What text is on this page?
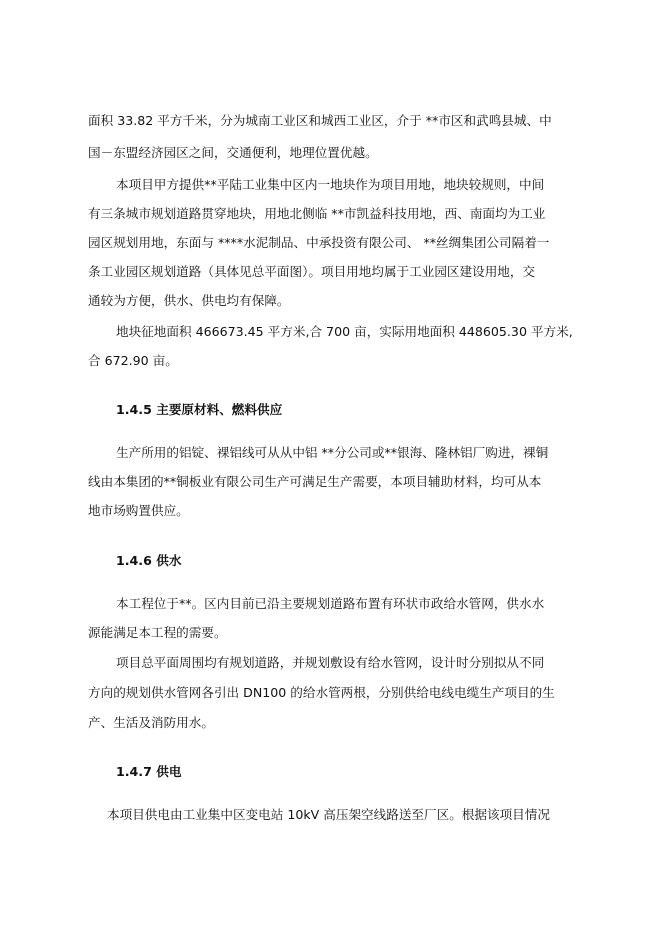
面积 33.82 平方千米，分为城南工业区和城西工业区，介于 **市区和武鸣县城、中
国－东盟经济园区之间，交通便利，地理位置优越。
本项目甲方提供**平陆工业集中区内一地块作为项目用地，地块较规则，中间
有三条城市规划道路贯穿地块，用地北侧临 **市凯益科技用地，西、南面均为工业
园区规划用地，东面与 ****水泥制品、中承投资有限公司、 **丝绸集团公司隔着一
条工业园区规划道路（具体见总平面图）。项目用地均属于工业园区建设用地，交
通较为方便，供水、供电均有保障。
地块征地面积 466673.45 平方米,合 700 亩，实际用地面积 448605.30 平方米,
合 672.90 亩。
1.4.5 主要原材料、燃料供应
生产所用的铝锭、裸铝线可从从中铝 **分公司或**银海、隆林铝厂购进，裸铜
线由本集团的**铜板业有限公司生产可满足生产需要，本项目辅助材料，均可从本
地市场购置供应。
1.4.6 供水
本工程位于**。区内目前已沿主要规划道路布置有环状市政给水管网，供水水
源能满足本工程的需要。
项目总平面周围均有规划道路，并规划敷设有给水管网，设计时分别拟从不同
方向的规划供水管网各引出 DN100 的给水管两根，分别供给电线电缆生产项目的生
产、生活及消防用水。
1.4.7 供电
本项目供电由工业集中区变电站 10kV 高压架空线路送至厂区。根据该项目情况
